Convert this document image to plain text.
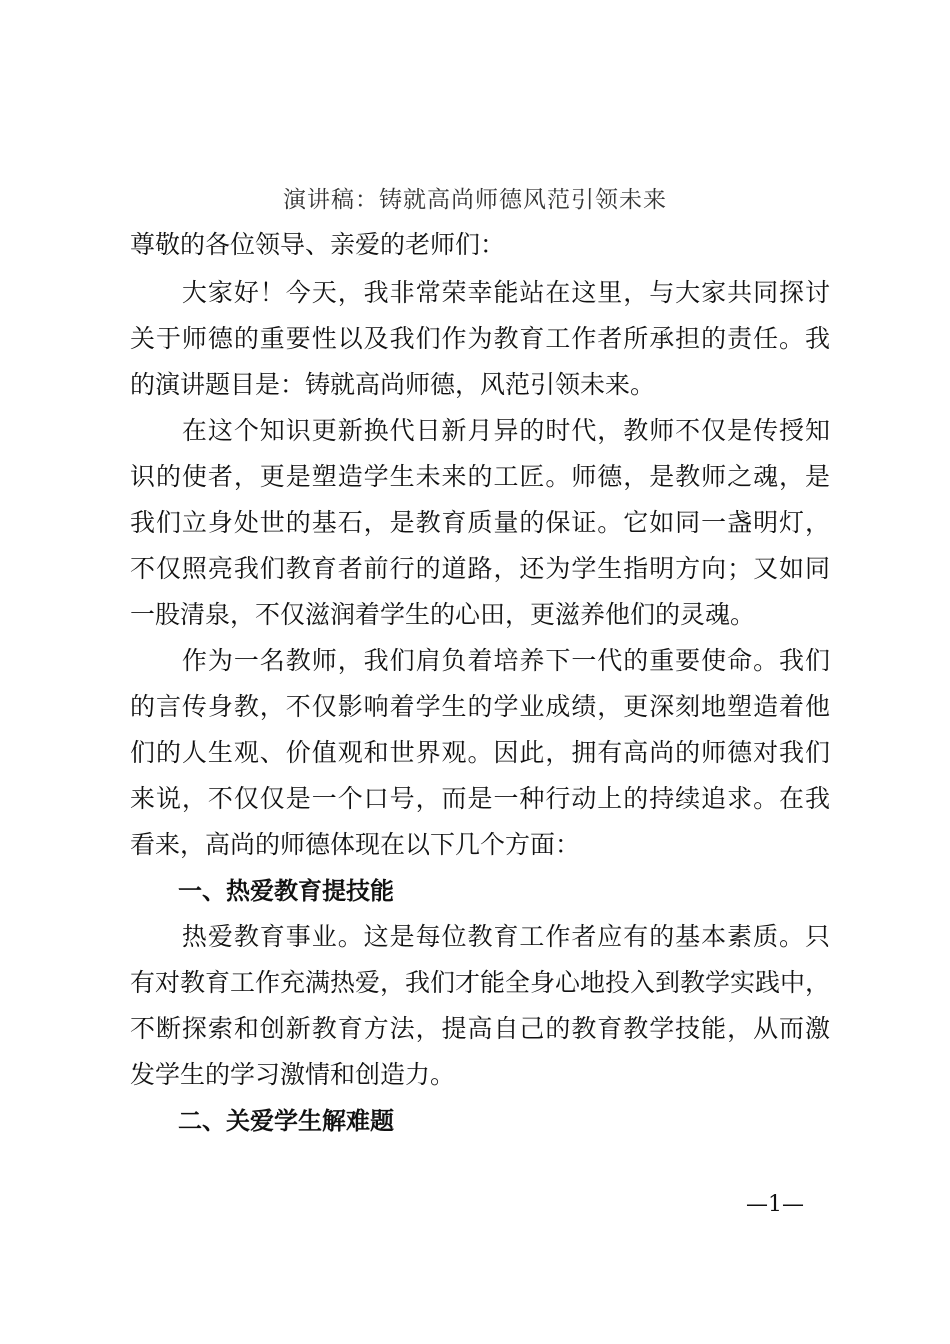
演讲稿：铸就高尚师德风范引领未来
尊敬的各位领导、亲爱的老师们：
　　大家好！今天，我非常荣幸能站在这里，与大家共同探讨
关于师德的重要性以及我们作为教育工作者所承担的责任。我
的演讲题目是：铸就高尚师德，风范引领未来。
　　在这个知识更新换代日新月异的时代，教师不仅是传授知
识的使者，更是塑造学生未来的工匠。师德，是教师之魂，是
我们立身处世的基石，是教育质量的保证。它如同一盏明灯，
不仅照亮我们教育者前行的道路，还为学生指明方向；又如同
一股清泉，不仅滋润着学生的心田，更滋养他们的灵魂。
　　作为一名教师，我们肩负着培养下一代的重要使命。我们
的言传身教，不仅影响着学生的学业成绩，更深刻地塑造着他
们的人生观、价值观和世界观。因此，拥有高尚的师德对我们
来说，不仅仅是一个口号，而是一种行动上的持续追求。在我
看来，高尚的师德体现在以下几个方面：
　　一、热爱教育提技能
　　热爱教育事业。这是每位教育工作者应有的基本素质。只
有对教育工作充满热爱，我们才能全身心地投入到教学实践中，
不断探索和创新教育方法，提高自己的教育教学技能，从而激
发学生的学习激情和创造力。
　　二、关爱学生解难题
—1—
